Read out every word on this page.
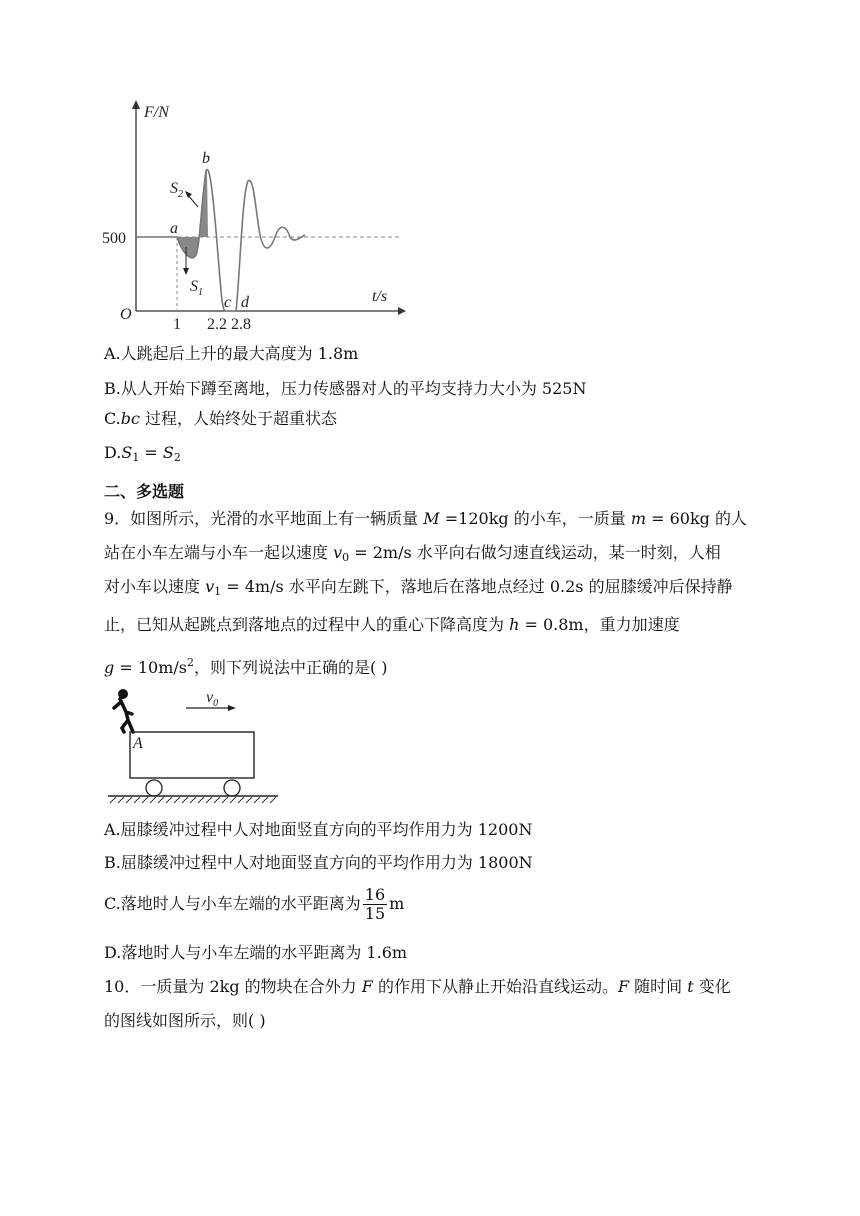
F/N
t/s
O
500
1 2.2 2.8
a
b
c d
$S_1$
$S_2$
A.人跳起后上升的最大高度为 1.8m
B.从人开始下蹲至离地，压力传感器对人的平均支持力大小为 525N
C.bc 过程，人始终处于超重状态
$D.S_1 = S_2$
二、多选题
9．如图所示，光滑的水平地面上有一辆质量 M =120kg 的小车，一质量 m = 60kg 的人
站在小车左端与小车一起以速度 $v_0 = 2m/s$ 水平向右做匀速直线运动，某一时刻，人相
对小车以速度 $v_1 = 4m/s$ 水平向左跳下，落地后在落地点经过 0.2s 的屈膝缓冲后保持静
止，已知从起跳点到落地点的过程中人的重心下降高度为 h = 0.8m，重力加速度
$g = 10m/s^2$，则下列说法中正确的是( )
$v_0$
A
A.屈膝缓冲过程中人对地面竖直方向的平均作用力为 1200N
B.屈膝缓冲过程中人对地面竖直方向的平均作用力为 1800N
C.落地时人与小车左端的水平距离为 $\frac{16}{15}$ m
D.落地时人与小车左端的水平距离为 1.6m
10．一质量为 2kg 的物块在合外力 F 的作用下从静止开始沿直线运动。F 随时间 t 变化
的图线如图所示，则( )
